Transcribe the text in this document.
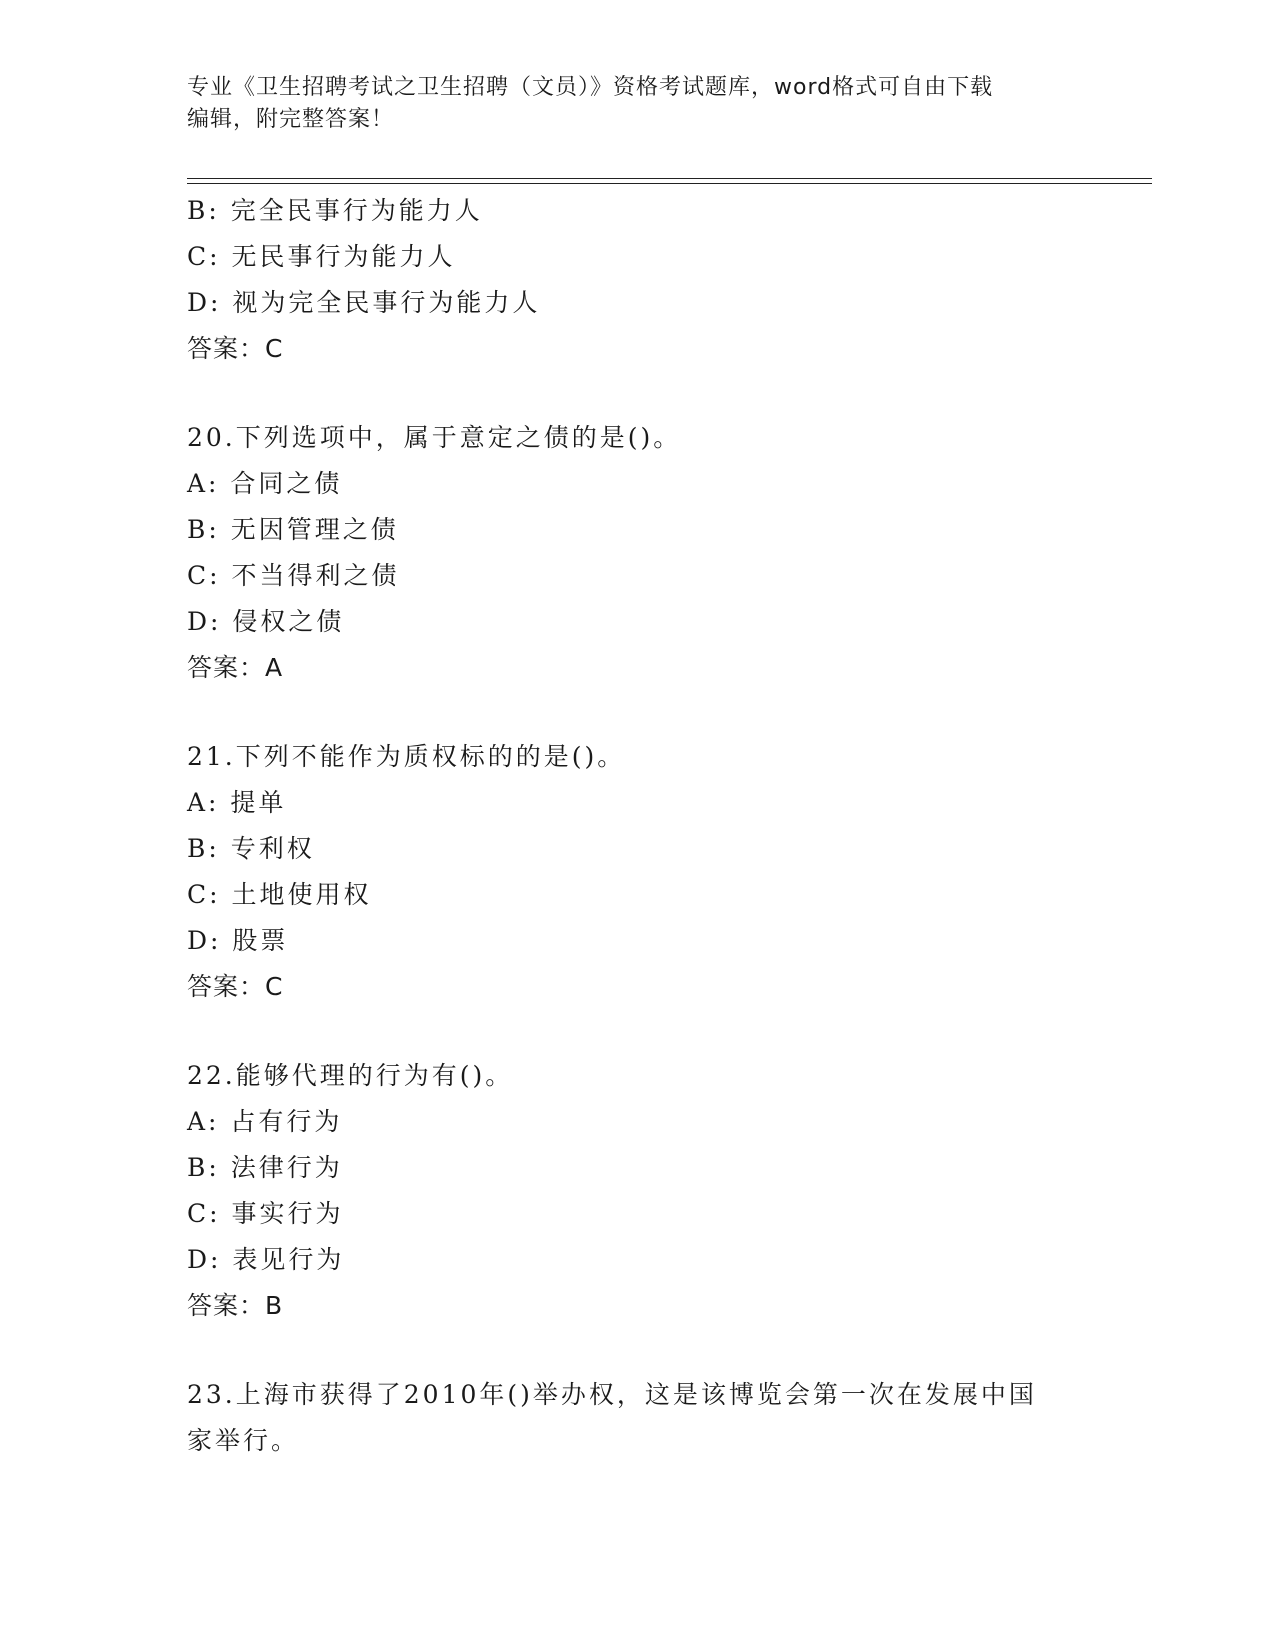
专业《卫生招聘考试之卫生招聘（文员）》资格考试题库，word格式可自由下载
编辑，附完整答案！
B: 完全民事行为能力人
C: 无民事行为能力人
D: 视为完全民事行为能力人
答案：C
20.下列选项中，属于意定之债的是()。
A: 合同之债
B: 无因管理之债
C: 不当得利之债
D: 侵权之债
答案：A
21.下列不能作为质权标的的是()。
A: 提单
B: 专利权
C: 土地使用权
D: 股票
答案：C
22.能够代理的行为有()。
A: 占有行为
B: 法律行为
C: 事实行为
D: 表见行为
答案：B
23.上海市获得了2010年()举办权，这是该博览会第一次在发展中国
家举行。
